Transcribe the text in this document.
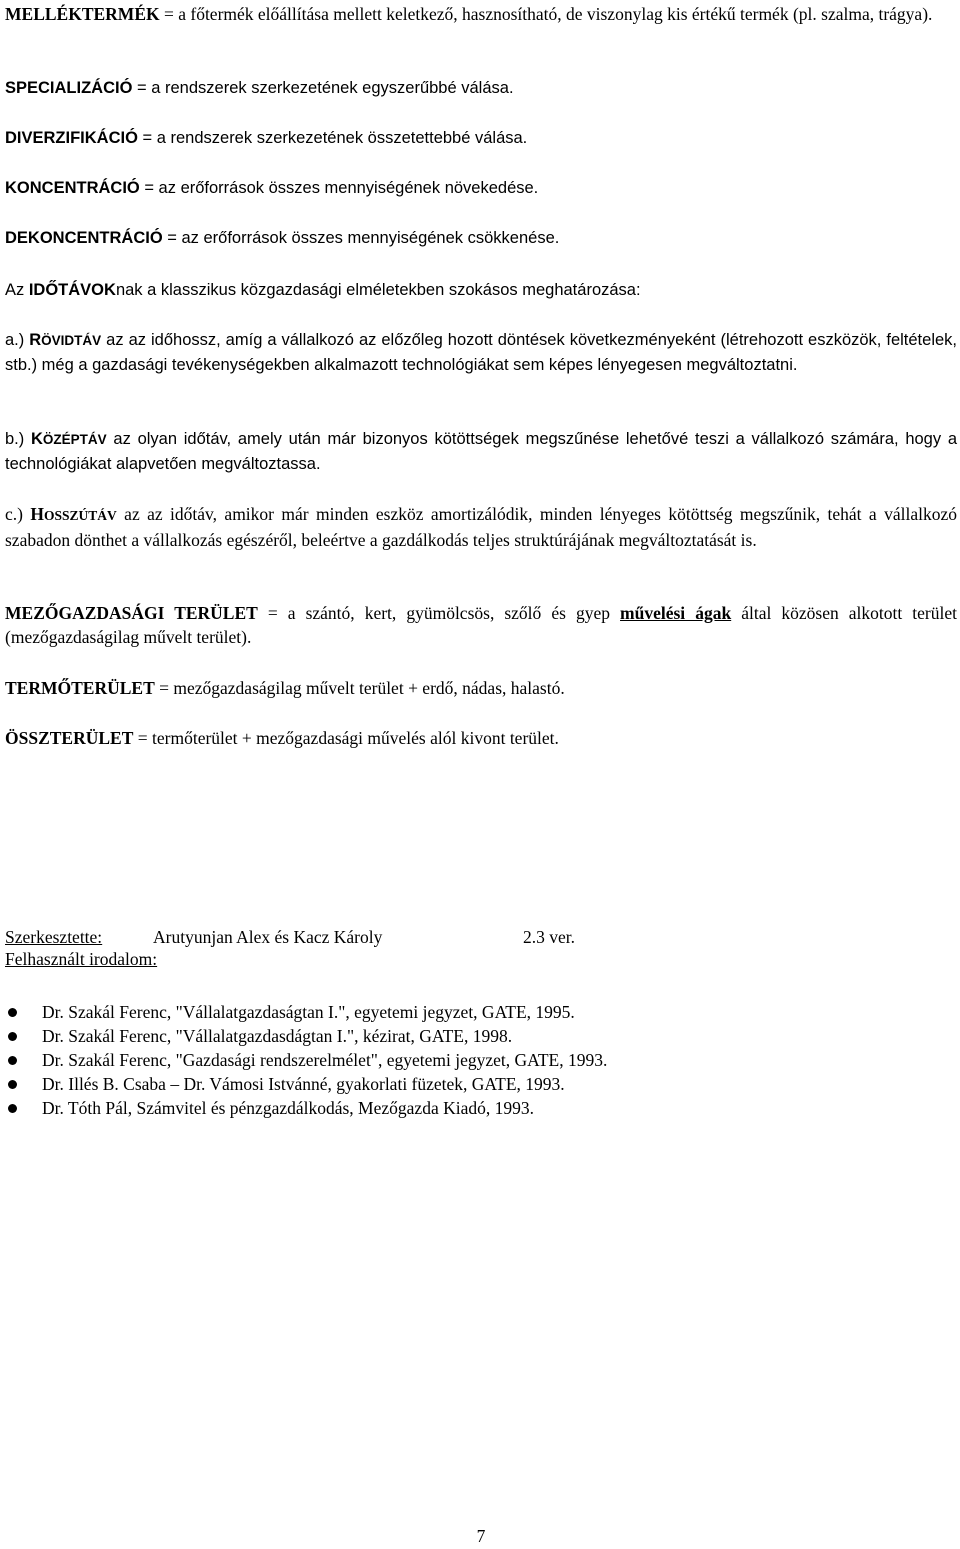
MELLÉKTERMÉK = a főtermék előállítása mellett keletkező, hasznosítható, de viszonylag kis értékű termék (pl. szalma, trágya).

SPECIALIZÁCIÓ = a rendszerek szerkezetének egyszerűbbé válása.

DIVERZIFIKÁCIÓ = a rendszerek szerkezetének összetettebbé válása.

KONCENTRÁCIÓ = az erőforrások összes mennyiségének növekedése.

DEKONCENTRÁCIÓ = az erőforrások összes mennyiségének csökkenése.

Az IDŐTÁVOKnak a klasszikus közgazdasági elméletekben szokásos meghatározása:

a.) RÖVIDTÁV az az időhossz, amíg a vállalkozó az előzőleg hozott döntések következményeként (létrehozott eszközök, feltételek, stb.) még a gazdasági tevékenységekben alkalmazott technológiákat sem képes lényegesen megváltoztatni.

b.) KÖZÉPTÁV az olyan időtáv, amely után már bizonyos kötöttségek megszűnése lehetővé teszi a vállalkozó számára, hogy a technológiákat alapvetően megváltoztassa.

c.) HOSSZÚTÁV az az időtáv, amikor már minden eszköz amortizálódik, minden lényeges kötöttség megszűnik, tehát a vállalkozó szabadon dönthet a vállalkozás egészéről, beleértve a gazdálkodás teljes struktúrájának megváltoztatását is.

MEZŐGAZDASÁGI TERÜLET = a szántó, kert, gyümölcsös, szőlő és gyep művelési ágak által közösen alkotott terület (mezőgazdaságilag művelt terület).

TERMŐTERÜLET = mezőgazdaságilag művelt terület + erdő, nádas, halastó.

ÖSSZTERÜLET = termőterület + mezőgazdasági művelés alól kivont terület.

Szerkesztette:	Arutyunjan Alex és Kacz Károly	2.3 ver.
Felhasznált irodalom:
Dr. Szakál Ferenc, "Vállalatgazdaságtan I.", egyetemi jegyzet, GATE, 1995.
Dr. Szakál Ferenc, "Vállalatgazdasdágtan I.", kézirat, GATE, 1998.
Dr. Szakál Ferenc, "Gazdasági rendszerelmélet", egyetemi jegyzet, GATE, 1993.
Dr. Illés B. Csaba – Dr. Vámosi Istvánné, gyakorlati füzetek, GATE, 1993.
Dr. Tóth Pál, Számvitel és pénzgazdálkodás, Mezőgazda Kiadó, 1993.
7
